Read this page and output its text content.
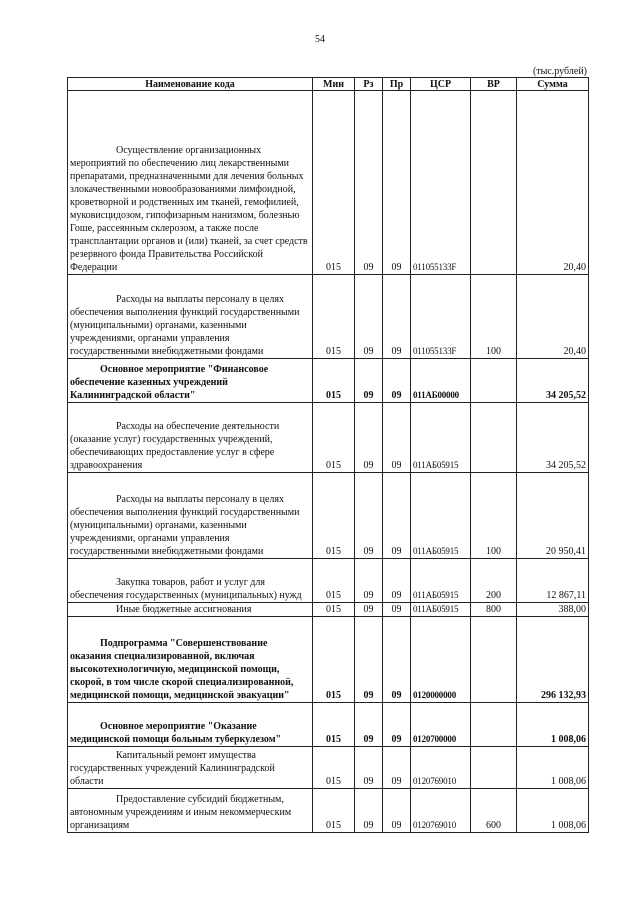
54
(тыс.рублей)
Наименование кода	Мин	Рз	Пр	ЦСР	ВР	Сумма
Осуществление организационных мероприятий по обеспечению лиц лекарственными препаратами, предназначенными для лечения больных злокачественными новообразованиями лимфоидной, кроветворной и родственных им тканей, гемофилией, муковисцидозом, гипофизарным нанизмом, болезнью Гоше, рассеянным склерозом, а также после трансплантации органов и (или) тканей, за счет средств резервного фонда Правительства Российской Федерации	015	09	09	011055133F		20,40
Расходы на выплаты персоналу в целях обеспечения выполнения функций государственными (муниципальными) органами, казенными учреждениями, органами управления государственными внебюджетными фондами	015	09	09	011055133F	100	20,40
Основное мероприятие "Финансовое обеспечение казенных учреждений Калининградской области"	015	09	09	011АБ00000		34 205,52
Расходы на обеспечение деятельности (оказание услуг) государственных учреждений, обеспечивающих предоставление услуг в сфере здравоохранения	015	09	09	011АБ05915		34 205,52
Расходы на выплаты персоналу в целях обеспечения выполнения функций государственными (муниципальными) органами, казенными учреждениями, органами управления государственными внебюджетными фондами	015	09	09	011АБ05915	100	20 950,41
Закупка товаров, работ и услуг для обеспечения государственных (муниципальных) нужд	015	09	09	011АБ05915	200	12 867,11
Иные бюджетные ассигнования	015	09	09	011АБ05915	800	388,00
Подпрограмма "Совершенствование оказания специализированной, включая высокотехнологичную, медицинской помощи, скорой, в том числе скорой специализированной, медицинской помощи, медицинской эвакуации"	015	09	09	0120000000		296 132,93
Основное мероприятие "Оказание медицинской помощи больным туберкулезом"	015	09	09	0120700000		1 008,06
Капитальный ремонт имущества государственных учреждений Калининградской области	015	09	09	0120769010		1 008,06
Предоставление субсидий бюджетным, автономным учреждениям и иным некоммерческим организациям	015	09	09	0120769010	600	1 008,06
